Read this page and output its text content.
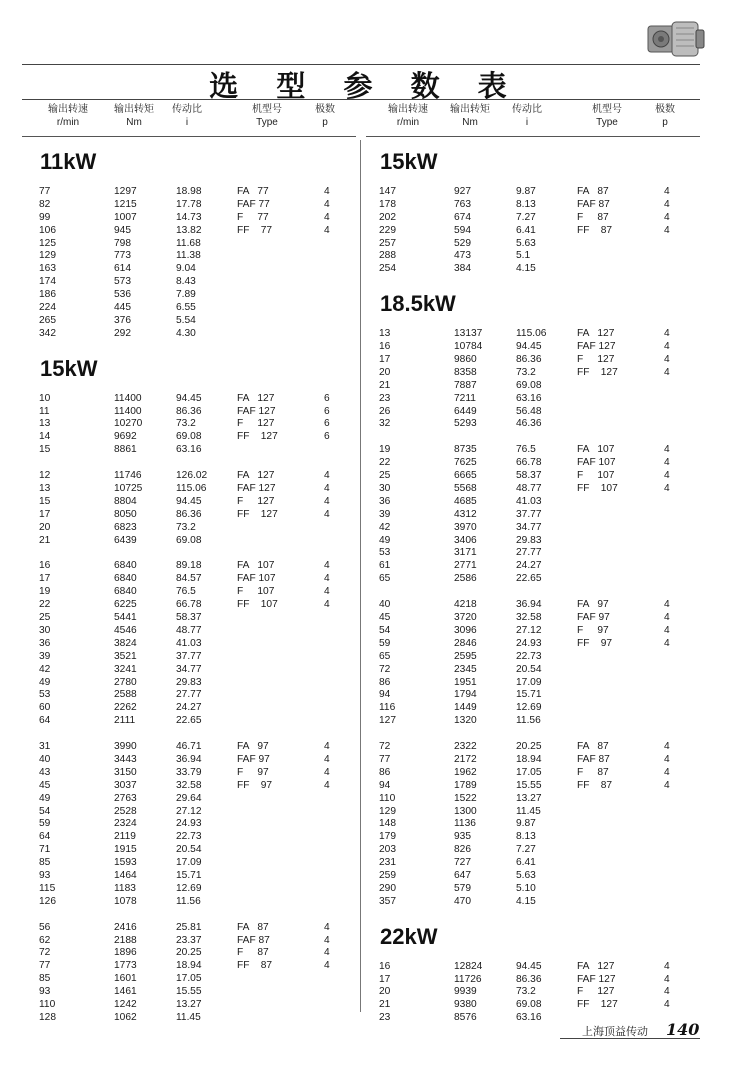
选 型 参 数 表
输出转速
r/min
输出转矩
Nm
传动比
i
机型号
Type
极数
p
输出转速
r/min
输出转矩
Nm
传动比
i
机型号
Type
极数
p
11kW
77	1297	18.98	FA   77	4
82	1215	17.78	FAF 77	4
99	1007	14.73	F     77	4
106	945	13.82	FF    77	4
125	798	11.68
129	773	11.38
163	614	9.04
174	573	8.43
186	536	7.89
224	445	6.55
265	376	5.54
342	292	4.30
15kW
10	11400	94.45	FA   127	6
11	11400	86.36	FAF 127	6
13	10270	73.2	F     127	6
14	9692	69.08	FF    127	6
15	8861	63.16
12	11746	126.02	FA   127	4
13	10725	115.06	FAF 127	4
15	8804	94.45	F     127	4
17	8050	86.36	FF    127	4
20	6823	73.2
21	6439	69.08
16	6840	89.18	FA   107	4
17	6840	84.57	FAF 107	4
19	6840	76.5	F     107	4
22	6225	66.78	FF    107	4
25	5441	58.37
30	4546	48.77
36	3824	41.03
39	3521	37.77
42	3241	34.77
49	2780	29.83
53	2588	27.77
60	2262	24.27
64	2111	22.65
31	3990	46.71	FA   97	4
40	3443	36.94	FAF 97	4
43	3150	33.79	F     97	4
45	3037	32.58	FF    97	4
49	2763	29.64
54	2528	27.12
59	2324	24.93
64	2119	22.73
71	1915	20.54
85	1593	17.09
93	1464	15.71
115	1183	12.69
126	1078	11.56
56	2416	25.81	FA   87	4
62	2188	23.37	FAF 87	4
72	1896	20.25	F     87	4
77	1773	18.94	FF    87	4
85	1601	17.05
93	1461	15.55
110	1242	13.27
128	1062	11.45
15kW
147	927	9.87	FA   87	4
178	763	8.13	FAF 87	4
202	674	7.27	F     87	4
229	594	6.41	FF    87	4
257	529	5.63
288	473	5.1
254	384	4.15
18.5kW
13	13137	115.06	FA   127	4
16	10784	94.45	FAF 127	4
17	9860	86.36	F     127	4
20	8358	73.2	FF    127	4
21	7887	69.08
23	7211	63.16
26	6449	56.48
32	5293	46.36
19	8735	76.5	FA   107	4
22	7625	66.78	FAF 107	4
25	6665	58.37	F     107	4
30	5568	48.77	FF    107	4
36	4685	41.03
39	4312	37.77
42	3970	34.77
49	3406	29.83
53	3171	27.77
61	2771	24.27
65	2586	22.65
40	4218	36.94	FA   97	4
45	3720	32.58	FAF 97	4
54	3096	27.12	F     97	4
59	2846	24.93	FF    97	4
65	2595	22.73
72	2345	20.54
86	1951	17.09
94	1794	15.71
116	1449	12.69
127	1320	11.56
72	2322	20.25	FA   87	4
77	2172	18.94	FAF 87	4
86	1962	17.05	F     87	4
94	1789	15.55	FF    87	4
110	1522	13.27
129	1300	11.45
148	1136	9.87
179	935	8.13
203	826	7.27
231	727	6.41
259	647	5.63
290	579	5.10
357	470	4.15
22kW
16	12824	94.45	FA   127	4
17	11726	86.36	FAF 127	4
20	9939	73.2	F     127	4
21	9380	69.08	FF    127	4
23	8576	63.16
上海顶益传动 140
